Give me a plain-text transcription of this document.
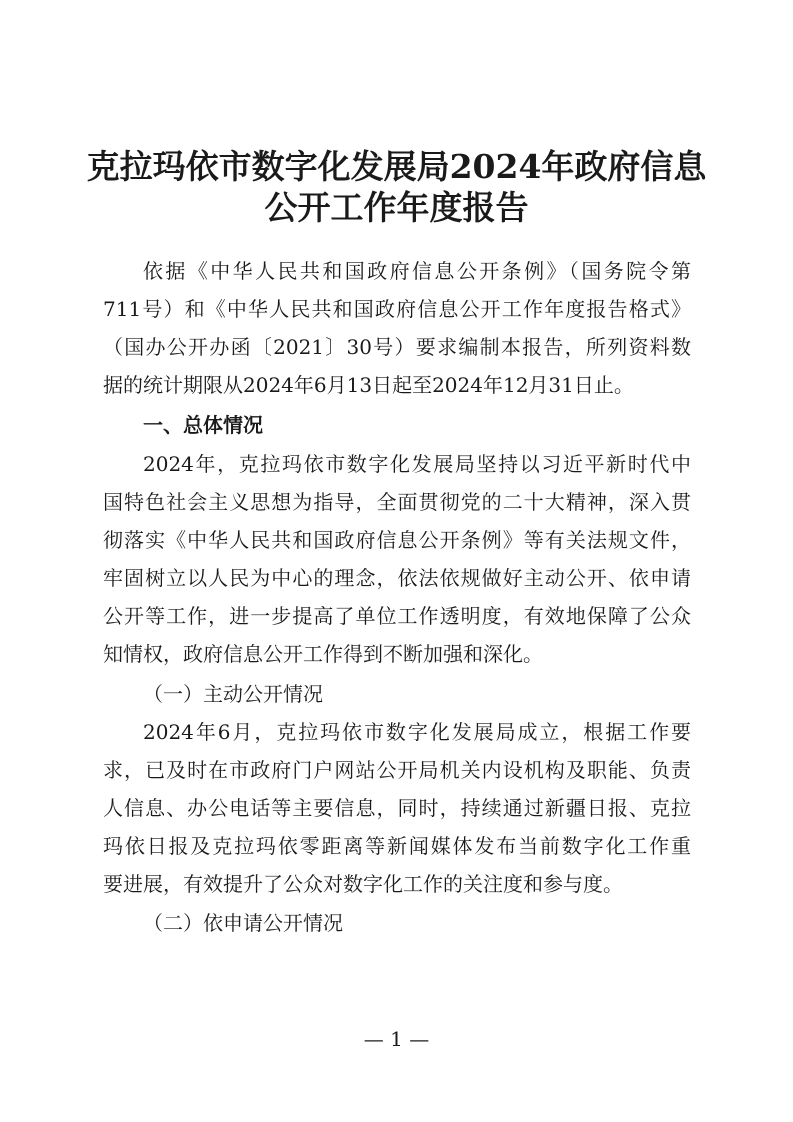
克拉玛依市数字化发展局2024年政府信息
公开工作年度报告
依据《中华人民共和国政府信息公开条例》（国务院令第
711号）和《中华人民共和国政府信息公开工作年度报告格式》
（国办公开办函〔2021〕30号）要求编制本报告，所列资料数
据的统计期限从2024年6月13日起至2024年12月31日止。
一、总体情况
2024年，克拉玛依市数字化发展局坚持以习近平新时代中
国特色社会主义思想为指导，全面贯彻党的二十大精神，深入贯
彻落实《中华人民共和国政府信息公开条例》等有关法规文件，
牢固树立以人民为中心的理念，依法依规做好主动公开、依申请
公开等工作，进一步提高了单位工作透明度，有效地保障了公众
知情权，政府信息公开工作得到不断加强和深化。
（一）主动公开情况
2024年6月，克拉玛依市数字化发展局成立，根据工作要
求，已及时在市政府门户网站公开局机关内设机构及职能、负责
人信息、办公电话等主要信息，同时，持续通过新疆日报、克拉
玛依日报及克拉玛依零距离等新闻媒体发布当前数字化工作重
要进展，有效提升了公众对数字化工作的关注度和参与度。
（二）依申请公开情况
— 1 —
